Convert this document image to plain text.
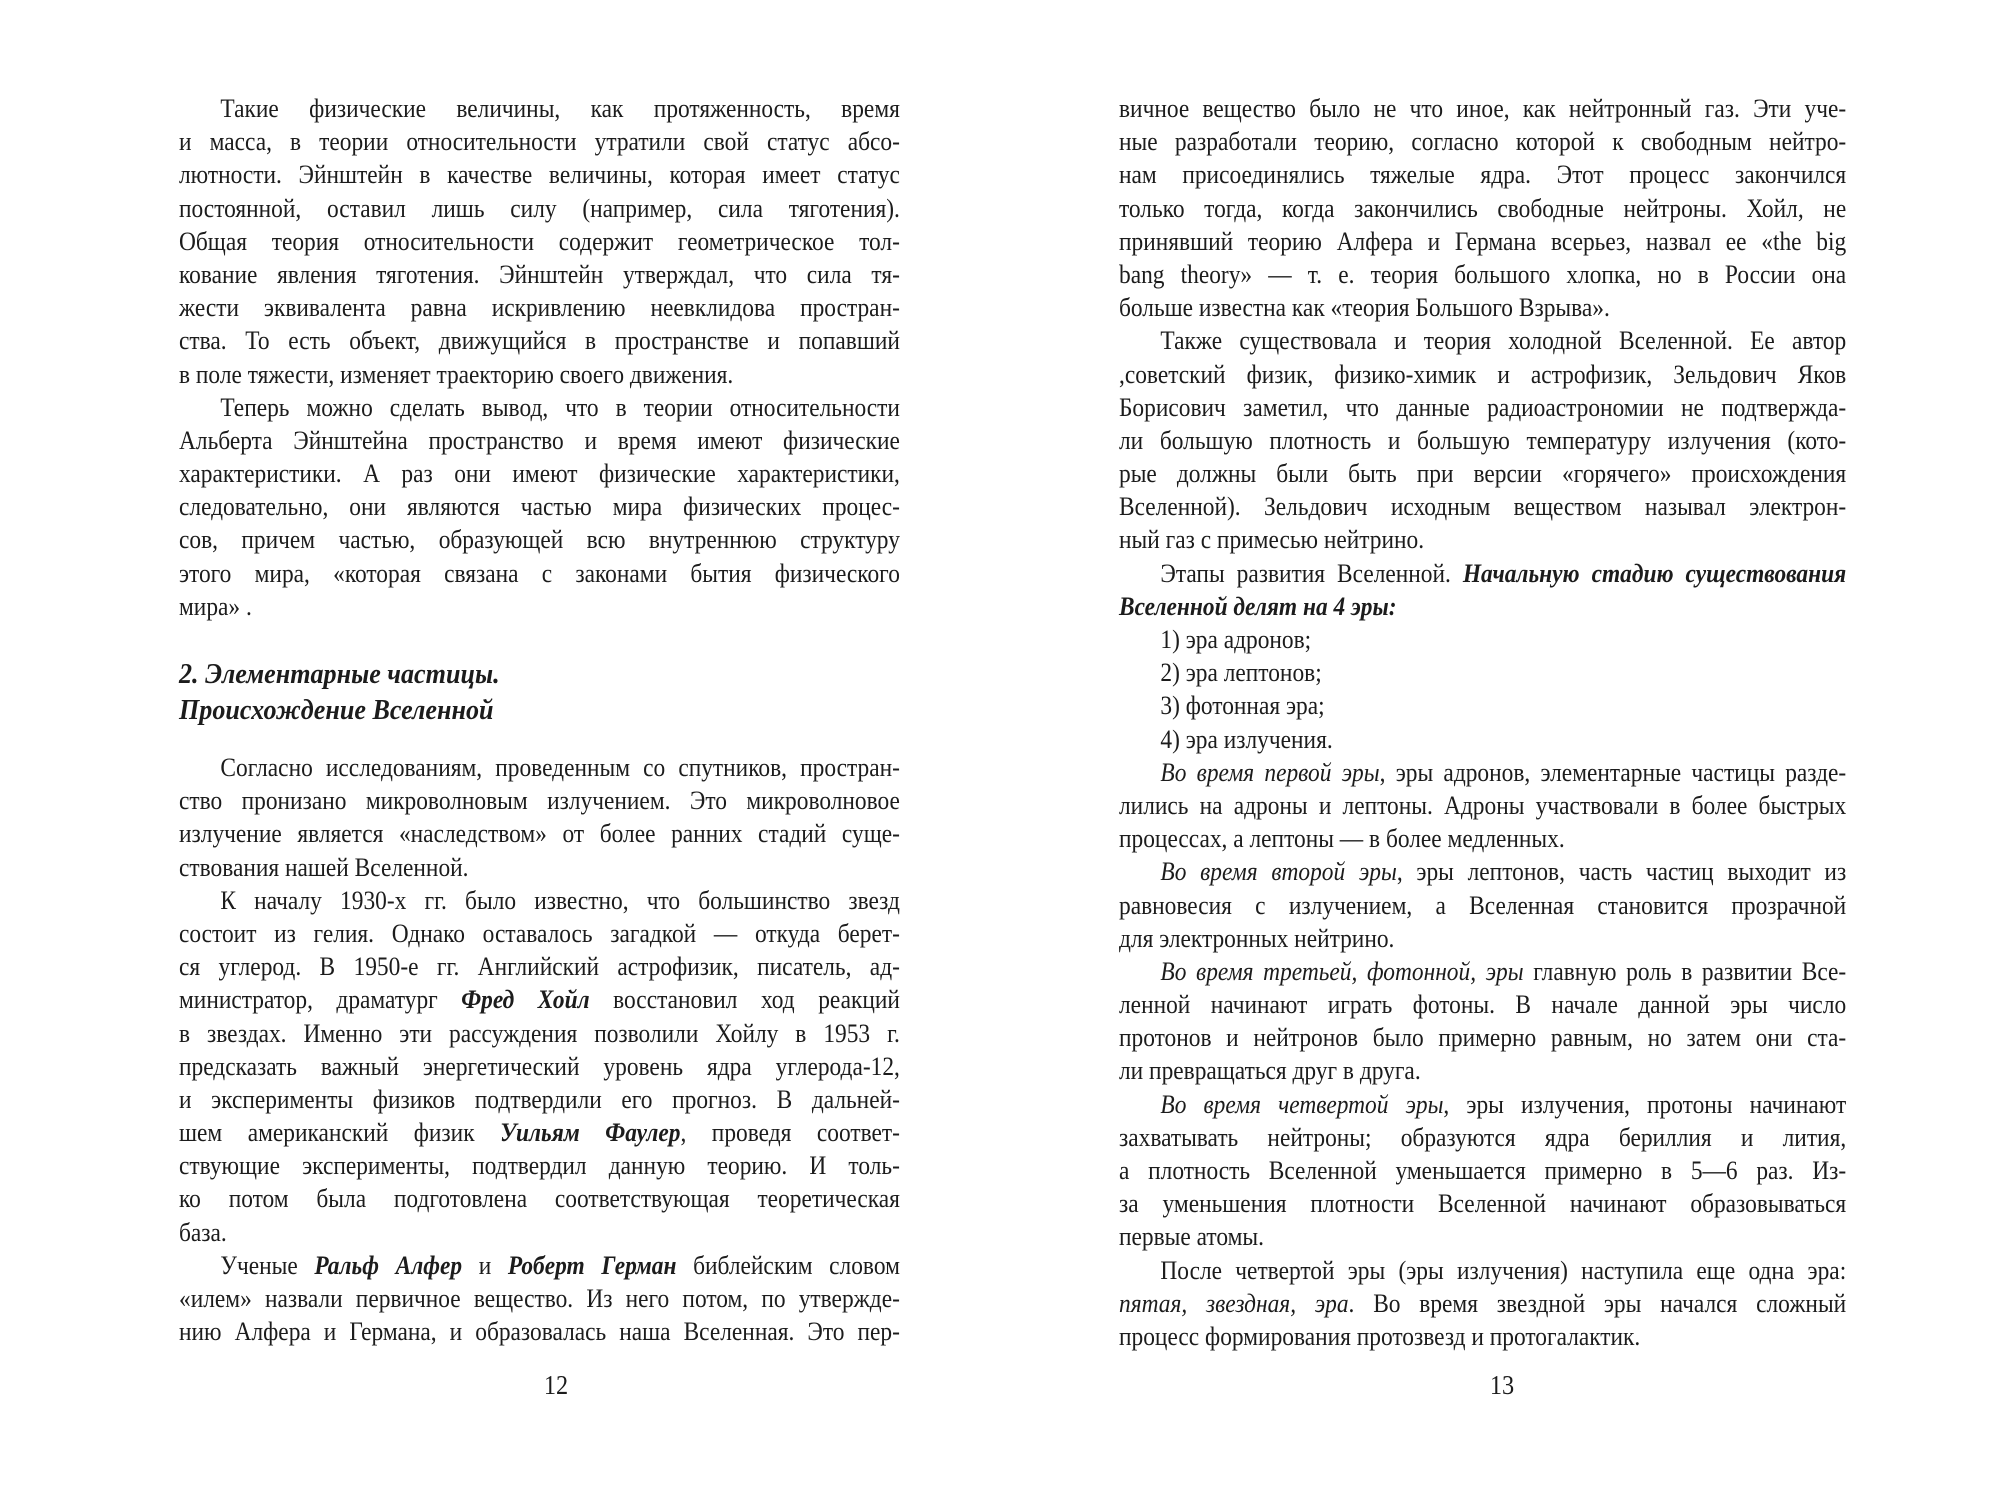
Такие физические величины, как протяженность, время
и масса, в теории относительности утратили свой статус абсо-
лютности. Эйнштейн в качестве величины, которая имеет статус
постоянной, оставил лишь силу (например, сила тяготения).
Общая теория относительности содержит геометрическое тол-
кование явления тяготения. Эйнштейн утверждал, что сила тя-
жести эквивалента равна искривлению неевклидова простран-
ства. То есть объект, движущийся в пространстве и попавший
в поле тяжести, изменяет траекторию своего движения.
Теперь можно сделать вывод, что в теории относительности
Альберта Эйнштейна пространство и время имеют физические
характеристики. А раз они имеют физические характеристики,
следовательно, они являются частью мира физических процес-
сов, причем частью, образующей всю внутреннюю структуру
этого мира, «которая связана с законами бытия физического
мира» .
2. Элементарные частицы.
Происхождение Вселенной
Согласно исследованиям, проведенным со спутников, простран-
ство пронизано микроволновым излучением. Это микроволновое
излучение является «наследством» от более ранних стадий суще-
ствования нашей Вселенной.
К началу 1930-х гг. было известно, что большинство звезд
состоит из гелия. Однако оставалось загадкой — откуда берет-
ся углерод. В 1950-е гг. Английский астрофизик, писатель, ад-
министратор, драматург Фред Хойл восстановил ход реакций
в звездах. Именно эти рассуждения позволили Хойлу в 1953 г.
предсказать важный энергетический уровень ядра углерода-12,
и эксперименты физиков подтвердили его прогноз. В дальней-
шем американский физик Уильям Фаулер, проведя соответ-
ствующие эксперименты, подтвердил данную теорию. И толь-
ко потом была подготовлена соответствующая теоретическая
база.
Ученые Ральф Алфер и Роберт Герман библейским словом
«илем» назвали первичное вещество. Из него потом, по утвержде-
нию Алфера и Германа, и образовалась наша Вселенная. Это пер-
вичное вещество было не что иное, как нейтронный газ. Эти уче-
ные разработали теорию, согласно которой к свободным нейтро-
нам присоединялись тяжелые ядра. Этот процесс закончился
только тогда, когда закончились свободные нейтроны. Хойл, не
принявший теорию Алфера и Германа всерьез, назвал ее «the big
bang theory» — т. е. теория большого хлопка, но в России она
больше известна как «теория Большого Взрыва».
Также существовала и теория холодной Вселенной. Ее автор
,советский физик, физико-химик и астрофизик, Зельдович Яков
Борисович заметил, что данные радиоастрономии не подтвержда-
ли большую плотность и большую температуру излучения (кото-
рые должны были быть при версии «горячего» происхождения
Вселенной). Зельдович исходным веществом называл электрон-
ный газ с примесью нейтрино.
Этапы развития Вселенной. Начальную стадию существования
Вселенной делят на 4 эры:
1) эра адронов;
2) эра лептонов;
3) фотонная эра;
4) эра излучения.
Во время первой эры, эры адронов, элементарные частицы разде-
лились на адроны и лептоны. Адроны участвовали в более быстрых
процессах, а лептоны — в более медленных.
Во время второй эры, эры лептонов, часть частиц выходит из
равновесия с излучением, а Вселенная становится прозрачной
для электронных нейтрино.
Во время третьей, фотонной, эры главную роль в развитии Все-
ленной начинают играть фотоны. В начале данной эры число
протонов и нейтронов было примерно равным, но затем они ста-
ли превращаться друг в друга.
Во время четвертой эры, эры излучения, протоны начинают
захватывать нейтроны; образуются ядра бериллия и лития,
а плотность Вселенной уменьшается примерно в 5—6 раз. Из-
за уменьшения плотности Вселенной начинают образовываться
первые атомы.
После четвертой эры (эры излучения) наступила еще одна эра:
пятая, звездная, эра. Во время звездной эры начался сложный
процесс формирования протозвезд и протогалактик.
12	13
